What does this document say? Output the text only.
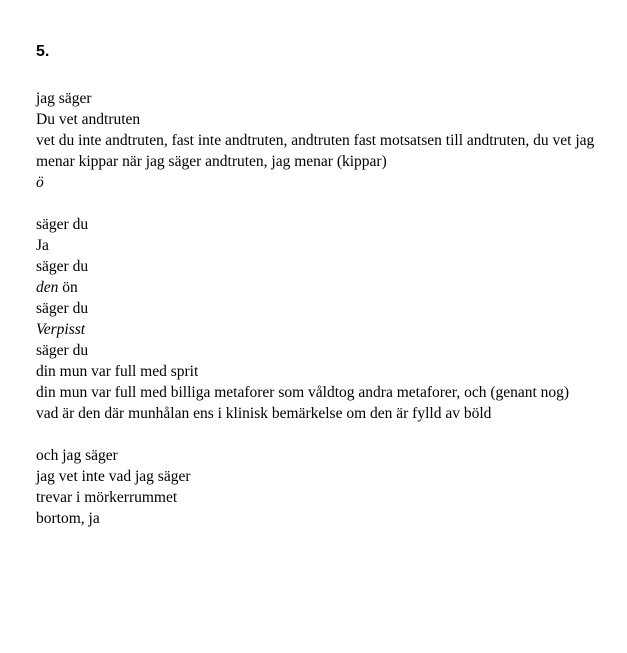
5.
jag säger
Du vet andtruten
vet du inte andtruten, fast inte andtruten, andtruten fast motsatsen till andtruten, du vet jag menar kippar när jag säger andtruten, jag menar (kippar)
ö
säger du
Ja
säger du
den ön
säger du
Verpisst
säger du
din mun var full med sprit
din mun var full med billiga metaforer som våldtog andra metaforer, och (genant nog)
vad är den där munhålan ens i klinisk bemärkelse om den är fylld av böld
och jag säger
jag vet inte vad jag säger
trevar i mörkerrummet
bortom, ja
